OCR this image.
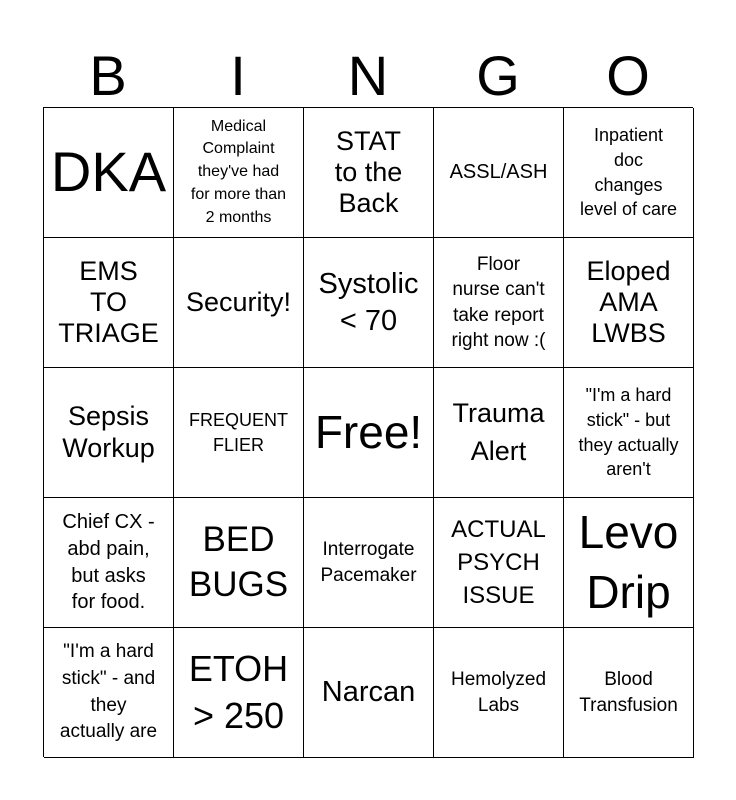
B	I	N	G	O
DKA
Medical
Complaint
they've had
for more than
2 months
STAT
to the
Back
ASSL/ASH
Inpatient
doc
changes
level of care
EMS
TO
TRIAGE
Security!
Systolic
< 70
Floor
nurse can't
take report
right now :(
Eloped
AMA
LWBS
Sepsis
Workup
FREQUENT
FLIER	Free! Trauma
Alert
"I'm a hard
stick" - but
they actually
aren't
Chief CX -
abd pain,
but asks
for food.
BED
BUGS
Interrogate
Pacemaker
ACTUAL
PSYCH
ISSUE
Levo
Drip
"I'm a hard
stick" - and
they
actually are
ETOH
> 250
Narcan Hemolyzed
Labs
Blood
Transfusion
